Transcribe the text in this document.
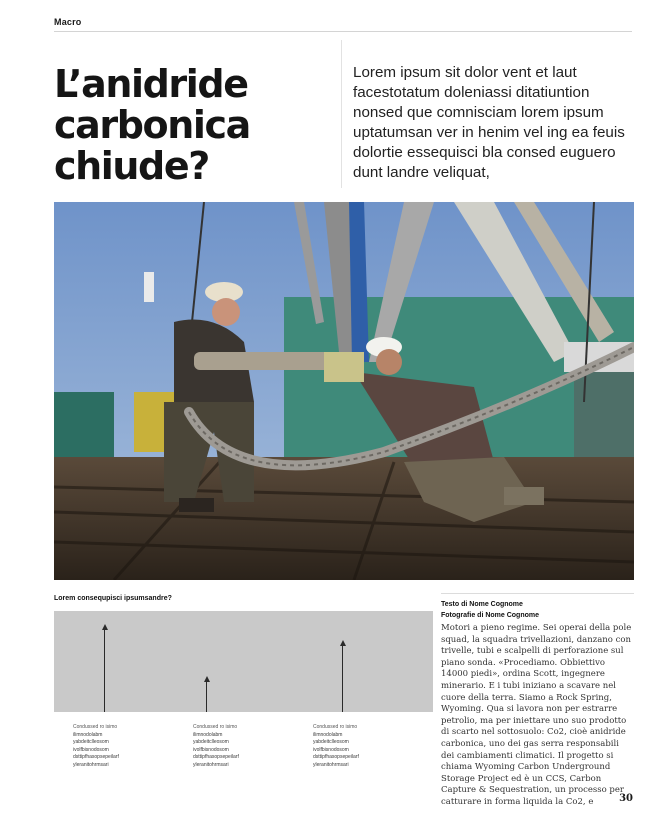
Macro
L’anidride carbonica chiude?

Lorem ipsum sit dolor vent et laut facestotatum doleniassi ditatiuntion nonsed que comnisciam lorem ipsum uptatumsan ver in henim vel ing ea feuis dolortie essequisci bla consed euguero dunt landre veliquat,

Lorem consequpisci ipsumsandre?
Condussed ro isimo
ilimnodolabm
yabdeitclleosom
ivolfbisnodosom
dsttipfhasopsepeilarf
yleranitohrmsari
Condussed ro isimo
ilimnodolabm
yabdeitclleosom
ivolfbisnodosom
dsttipfhasopsepeilarf
yleranitohrmsari
Condussed ro isimo
ilimnodolabm
yabdeitclleosom
ivolfbisnodosom
dsttipfhasopsepeilarf
yleranitohrmsari
Testo di Nome Cognome
Fotografie di Nome Cognome

Motori a pieno regime. Sei operai della pole squad, la squadra trivellazioni, danzano con trivelle, tubi e scalpelli di perforazione sul piano sonda. «Procediamo. Obbiettivo 14000 piedi», ordina Scott, ingegnere minerario. E i tubi iniziano a scavare nel cuore della terra. Siamo a Rock Spring, Wyoming. Qua si lavora non per estrarre petrolio, ma per iniettare uno suo prodotto di scarto nel sottosuolo: Co2, cioè anidride carbonica, uno dei gas serra responsabili dei cambiamenti climatici. Il progetto si chiama Wyoming Carbon Underground Storage Project ed è un CCS, Carbon Capture & Sequestration, un processo per catturare in forma liquida la Co2, e	30
